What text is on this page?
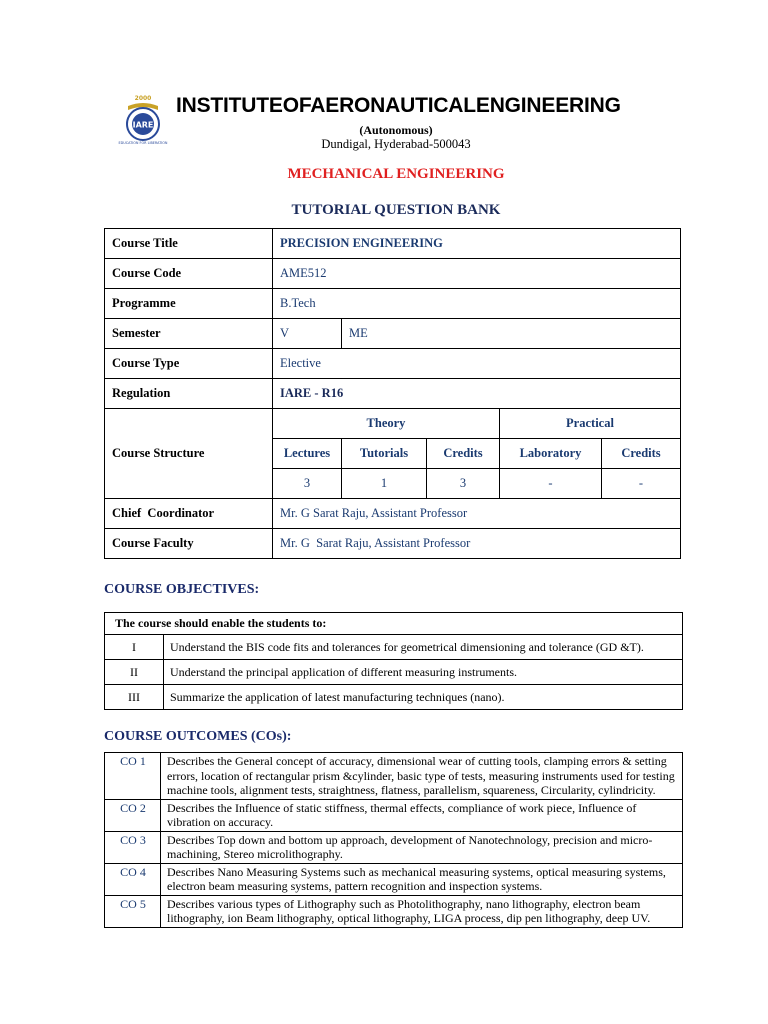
2000
IARE
EDUCATION FOR LIBERATION
INSTITUTEOFAERONAUTICALENGINEERING
(Autonomous)
Dundigal, Hyderabad-500043
MECHANICAL ENGINEERING
TUTORIAL QUESTION BANK
Course Title	PRECISION ENGINEERING				
Course Code	AME512				
Programme	B.Tech				
Semester	V	ME			
Course Type	Elective				
Regulation	IARE - R16				
Course Structure	Theory			Practical	
	Lectures	Tutorials	Credits	Laboratory	Credits
	3	1	3	-	-
Chief  Coordinator	Mr. G Sarat Raju, Assistant Professor				
Course Faculty	Mr. G  Sarat Raju, Assistant Professor				
COURSE OBJECTIVES:
The course should enable the students to:	
I	Understand the BIS code fits and tolerances for geometrical dimensioning and tolerance (GD &T).
II	Understand the principal application of different measuring instruments.
III	Summarize the application of latest manufacturing techniques (nano).
COURSE OUTCOMES (COs):
CO 1	Describes the General concept of accuracy, dimensional wear of cutting tools, clamping errors & setting errors, location of rectangular prism &cylinder, basic type of tests, measuring instruments used for testing machine tools, alignment tests, straightness, flatness, parallelism, squareness, Circularity, cylindricity.
CO 2	Describes the Influence of static stiffness, thermal effects, compliance of work piece, Influence of vibration on accuracy.
CO 3	Describes Top down and bottom up approach, development of Nanotechnology, precision and micro-machining, Stereo microlithography.
CO 4	Describes Nano Measuring Systems such as mechanical measuring systems, optical measuring systems, electron beam measuring systems, pattern recognition and inspection systems.
CO 5	Describes various types of Lithography such as Photolithography, nano lithography, electron beam lithography, ion Beam lithography, optical lithography, LIGA process, dip pen lithography, deep UV.
